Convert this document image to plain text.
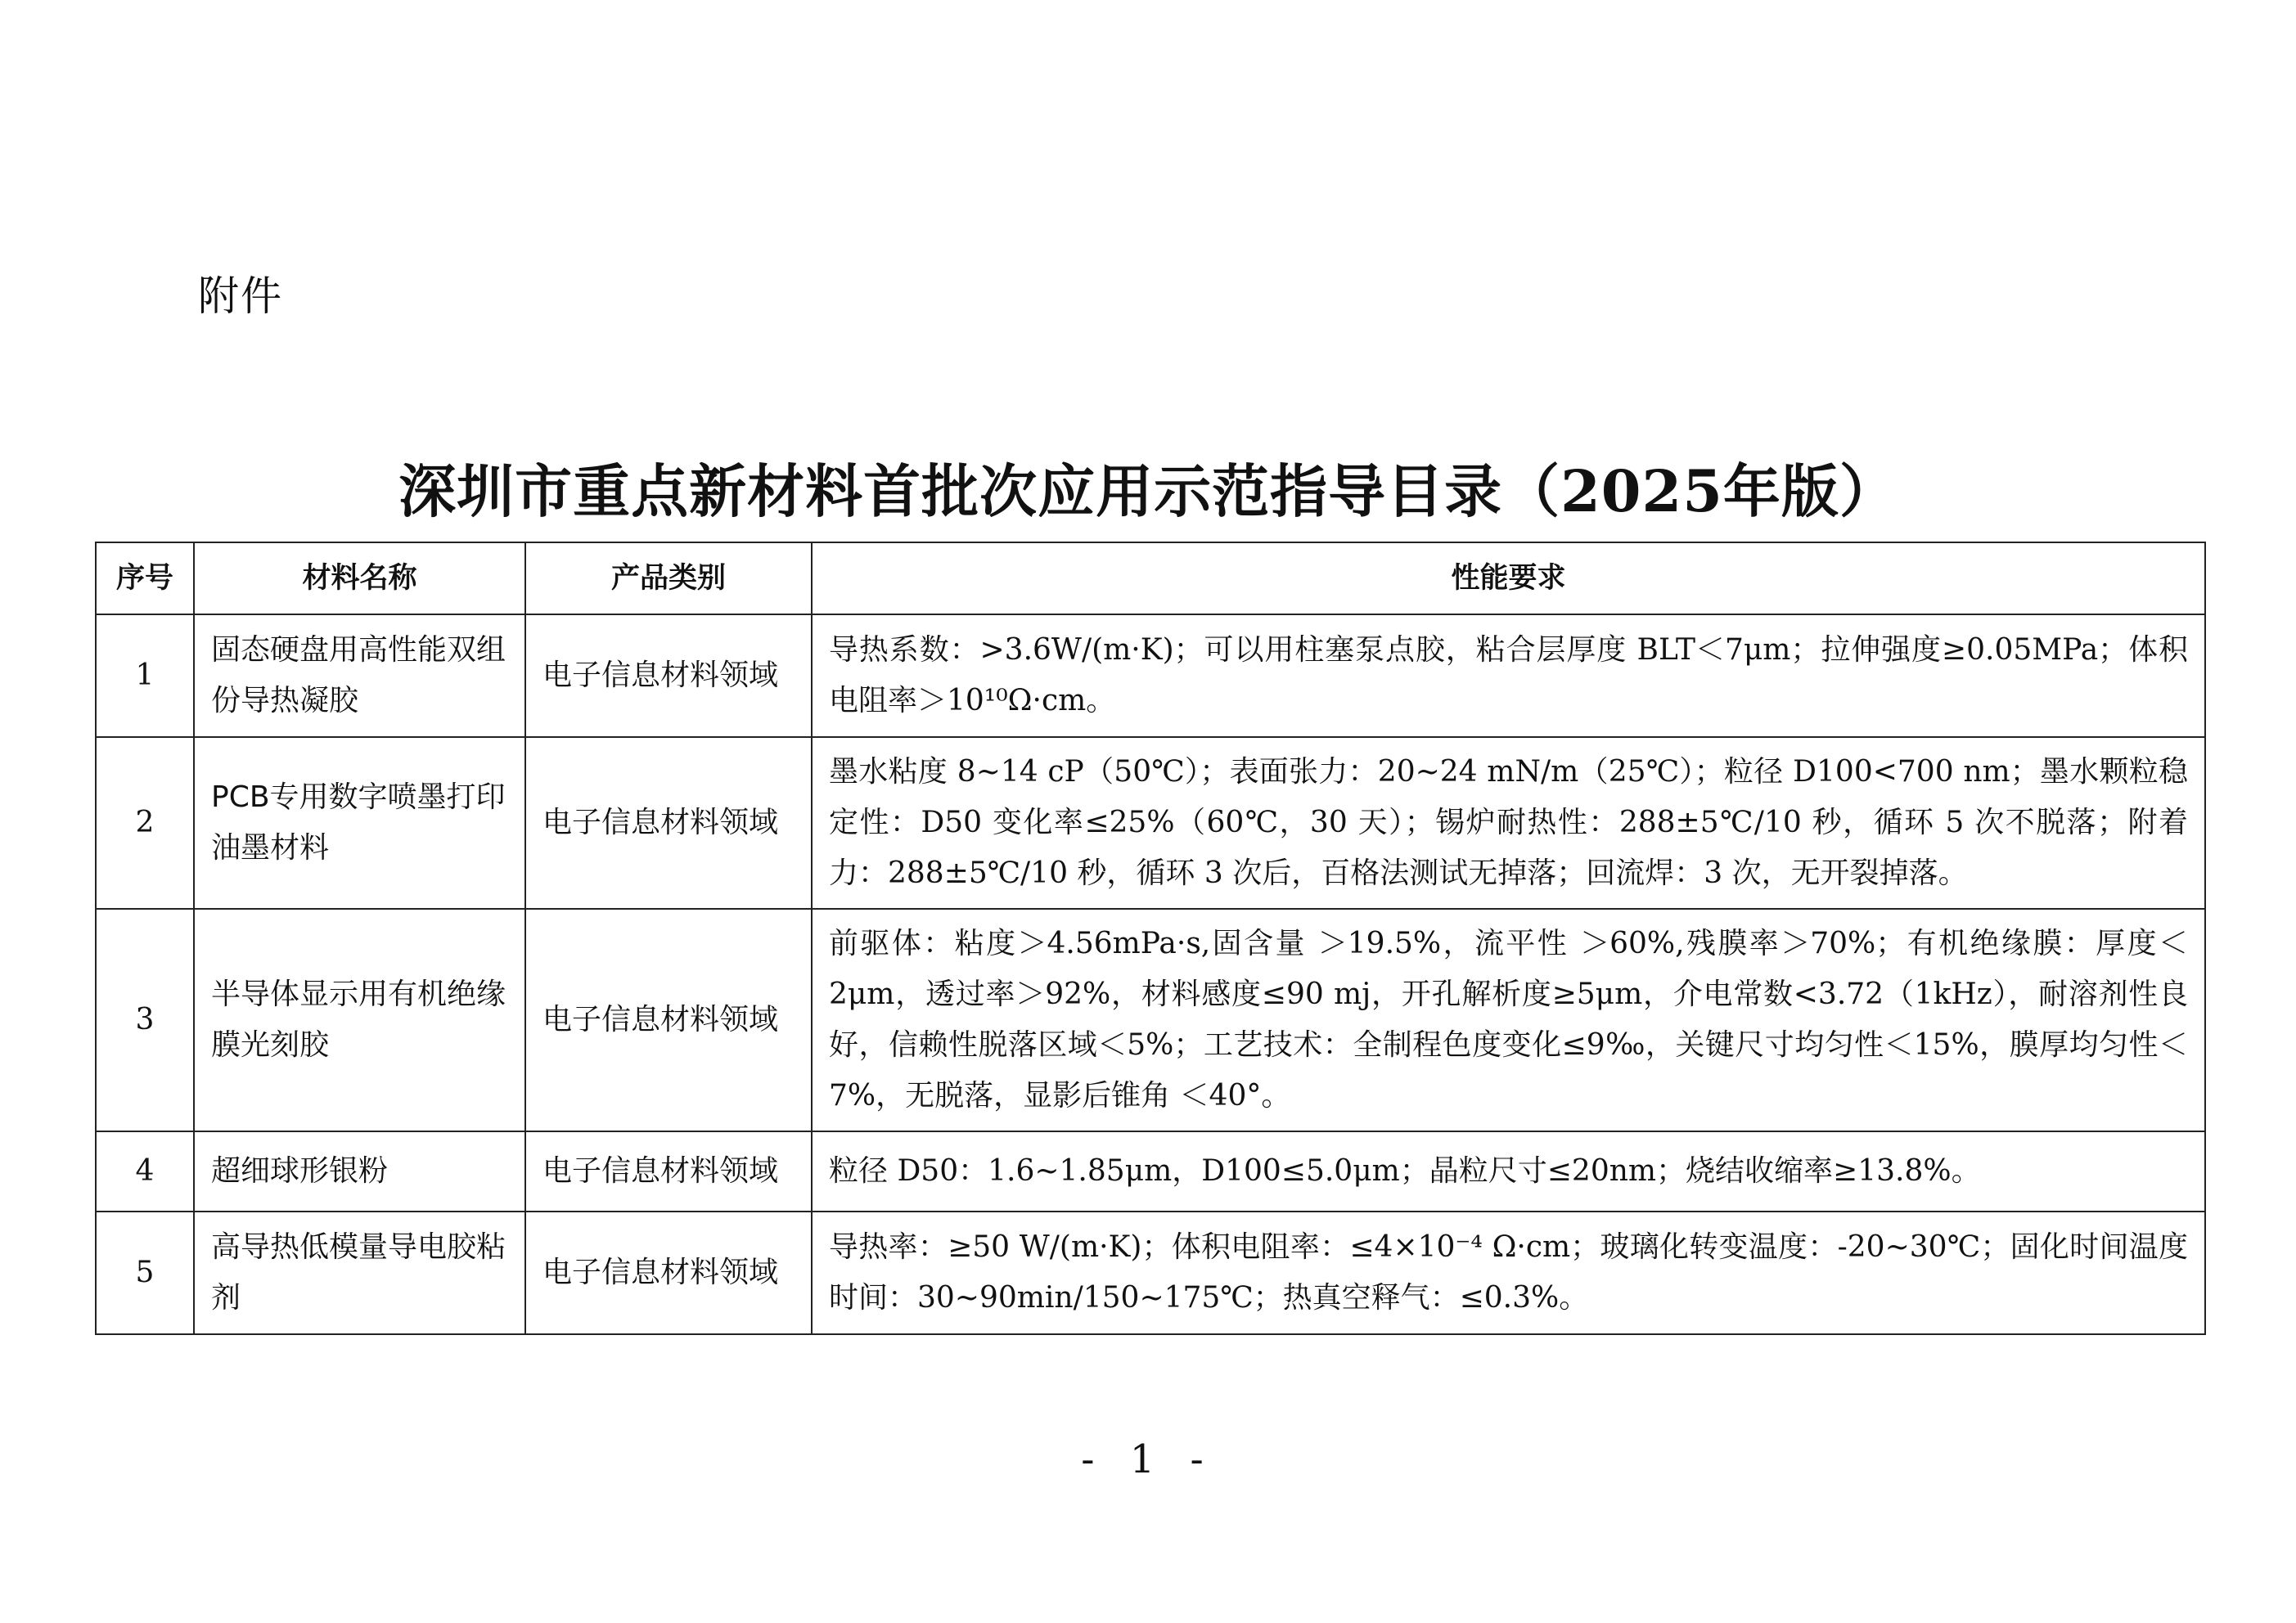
附件
深圳市重点新材料首批次应用示范指导目录（2025年版）
序号	材料名称	产品类别	性能要求
1	固态硬盘用高性能双组份导热凝胶	电子信息材料领域	导热系数：>3.6W/(m·K)；可以用柱塞泵点胶，粘合层厚度 BLT＜7μm；拉伸强度≥0.05MPa；体积电阻率＞10¹⁰Ω·cm。
2	PCB专用数字喷墨打印油墨材料	电子信息材料领域	墨水粘度 8~14 cP（50℃）；表面张力：20~24 mN/m（25℃）；粒径 D100<700 nm；墨水颗粒稳定性：D50 变化率≤25%（60℃，30 天）；锡炉耐热性：288±5℃/10 秒，循环 5 次不脱落；附着力：288±5℃/10 秒，循环 3 次后，百格法测试无掉落；回流焊：3 次，无开裂掉落。
3	半导体显示用有机绝缘膜光刻胶	电子信息材料领域	前驱体：粘度＞4.56mPa·s,固含量 ＞19.5%，流平性 ＞60%,残膜率＞70%；有机绝缘膜：厚度＜2μm，透过率＞92%，材料感度≤90 mj，开孔解析度≥5μm，介电常数<3.72（1kHz），耐溶剂性良好，信赖性脱落区域＜5%；工艺技术：全制程色度变化≤9‰，关键尺寸均匀性＜15%，膜厚均匀性＜7%，无脱落，显影后锥角 ＜40°。
4	超细球形银粉	电子信息材料领域	粒径 D50：1.6~1.85μm，D100≤5.0μm；晶粒尺寸≤20nm；烧结收缩率≥13.8%。
5	高导热低模量导电胶粘剂	电子信息材料领域	导热率：≥50 W/(m·K)；体积电阻率：≤4×10⁻⁴ Ω·cm；玻璃化转变温度：-20~30℃；固化时间温度时间：30~90min/150~175℃；热真空释气：≤0.3%。
- 1 -
